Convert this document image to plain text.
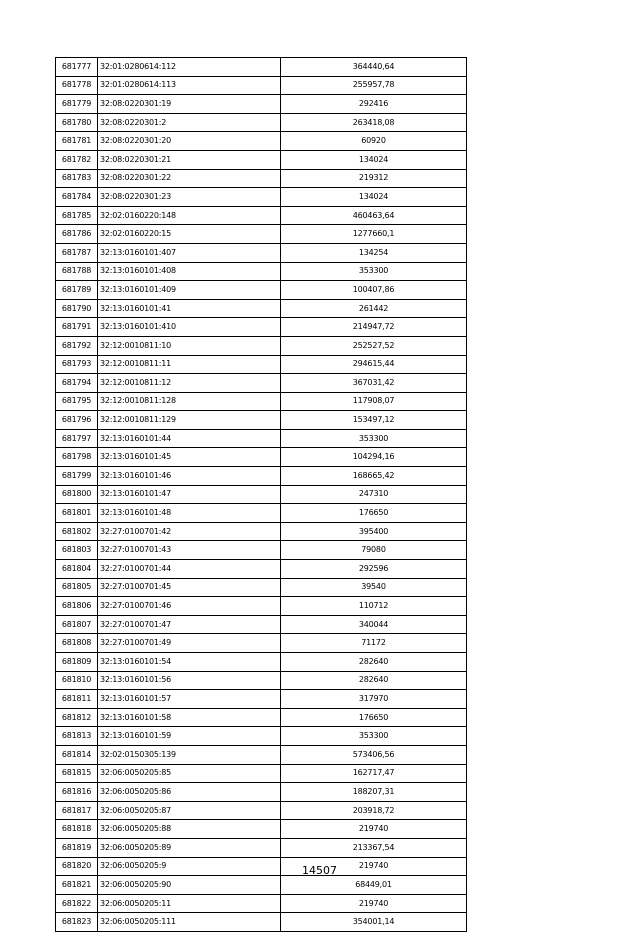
681777	32:01:0280614:112	364440,64
681778	32:01:0280614:113	255957,78
681779	32:08:0220301:19	292416
681780	32:08:0220301:2	263418,08
681781	32:08:0220301:20	60920
681782	32:08:0220301:21	134024
681783	32:08:0220301:22	219312
681784	32:08:0220301:23	134024
681785	32:02:0160220:148	460463,64
681786	32:02:0160220:15	1277660,1
681787	32:13:0160101:407	134254
681788	32:13:0160101:408	353300
681789	32:13:0160101:409	100407,86
681790	32:13:0160101:41	261442
681791	32:13:0160101:410	214947,72
681792	32:12:0010811:10	252527,52
681793	32:12:0010811:11	294615,44
681794	32:12:0010811:12	367031,42
681795	32:12:0010811:128	117908,07
681796	32:12:0010811:129	153497,12
681797	32:13:0160101:44	353300
681798	32:13:0160101:45	104294,16
681799	32:13:0160101:46	168665,42
681800	32:13:0160101:47	247310
681801	32:13:0160101:48	176650
681802	32:27:0100701:42	395400
681803	32:27:0100701:43	79080
681804	32:27:0100701:44	292596
681805	32:27:0100701:45	39540
681806	32:27:0100701:46	110712
681807	32:27:0100701:47	340044
681808	32:27:0100701:49	71172
681809	32:13:0160101:54	282640
681810	32:13:0160101:56	282640
681811	32:13:0160101:57	317970
681812	32:13:0160101:58	176650
681813	32:13:0160101:59	353300
681814	32:02:0150305:139	573406,56
681815	32:06:0050205:85	162717,47
681816	32:06:0050205:86	188207,31
681817	32:06:0050205:87	203918,72
681818	32:06:0050205:88	219740
681819	32:06:0050205:89	213367,54
681820	32:06:0050205:9	219740
681821	32:06:0050205:90	68449,01
681822	32:06:0050205:11	219740
681823	32:06:0050205:111	354001,14
14507
